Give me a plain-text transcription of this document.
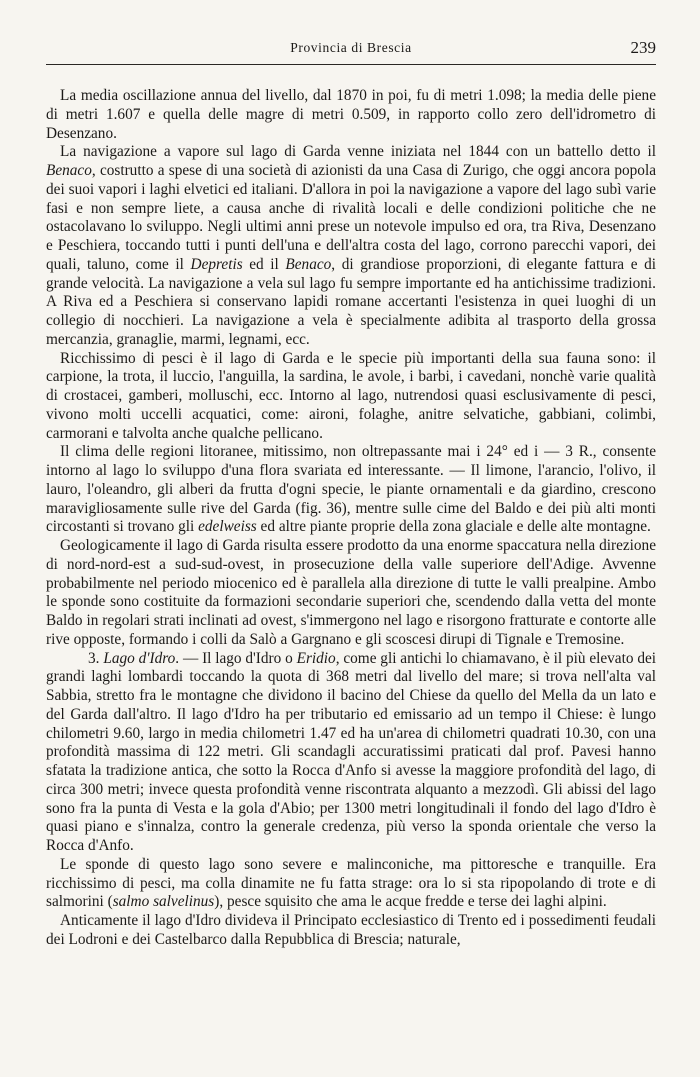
Provincia di Brescia	239

La media oscillazione annua del livello, dal 1870 in poi, fu di metri 1.098; la media delle piene di metri 1.607 e quella delle magre di metri 0.509, in rapporto collo zero dell'idrometro di Desenzano.

La navigazione a vapore sul lago di Garda venne iniziata nel 1844 con un battello detto il Benaco, costrutto a spese di una società di azionisti da una Casa di Zurigo, che oggi ancora popola dei suoi vapori i laghi elvetici ed italiani. D'allora in poi la navigazione a vapore del lago subì varie fasi e non sempre liete, a causa anche di rivalità locali e delle condizioni politiche che ne ostacolavano lo sviluppo. Negli ultimi anni prese un notevole impulso ed ora, tra Riva, Desenzano e Peschiera, toccando tutti i punti dell'una e dell'altra costa del lago, corrono parecchi vapori, dei quali, taluno, come il Depretis ed il Benaco, di grandiose proporzioni, di elegante fattura e di grande velocità. La navigazione a vela sul lago fu sempre importante ed ha antichissime tradizioni. A Riva ed a Peschiera si conservano lapidi romane accertanti l'esistenza in quei luoghi di un collegio di nocchieri. La navigazione a vela è specialmente adibita al trasporto della grossa mercanzia, granaglie, marmi, legnami, ecc.

Ricchissimo di pesci è il lago di Garda e le specie più importanti della sua fauna sono: il carpione, la trota, il luccio, l'anguilla, la sardina, le avole, i barbi, i cavedani, nonchè varie qualità di crostacei, gamberi, molluschi, ecc. Intorno al lago, nutrendosi quasi esclusivamente di pesci, vivono molti uccelli acquatici, come: aironi, folaghe, anitre selvatiche, gabbiani, colimbi, carmorani e talvolta anche qualche pellicano.

Il clima delle regioni litoranee, mitissimo, non oltrepassante mai i 24° ed i — 3 R., consente intorno al lago lo sviluppo d'una flora svariata ed interessante. — Il limone, l'arancio, l'olivo, il lauro, l'oleandro, gli alberi da frutta d'ogni specie, le piante ornamentali e da giardino, crescono maravigliosamente sulle rive del Garda (fig. 36), mentre sulle cime del Baldo e dei più alti monti circostanti si trovano gli edelweiss ed altre piante proprie della zona glaciale e delle alte montagne.

Geologicamente il lago di Garda risulta essere prodotto da una enorme spaccatura nella direzione di nord-nord-est a sud-sud-ovest, in prosecuzione della valle superiore dell'Adige. Avvenne probabilmente nel periodo miocenico ed è parallela alla direzione di tutte le valli prealpine. Ambo le sponde sono costituite da formazioni secondarie superiori che, scendendo dalla vetta del monte Baldo in regolari strati inclinati ad ovest, s'immergono nel lago e risorgono fratturate e contorte alle rive opposte, formando i colli da Salò a Gargnano e gli scoscesi dirupi di Tignale e Tremosine.

3. Lago d'Idro. — Il lago d'Idro o Eridio, come gli antichi lo chiamavano, è il più elevato dei grandi laghi lombardi toccando la quota di 368 metri dal livello del mare; si trova nell'alta val Sabbia, stretto fra le montagne che dividono il bacino del Chiese da quello del Mella da un lato e del Garda dall'altro. Il lago d'Idro ha per tributario ed emissario ad un tempo il Chiese: è lungo chilometri 9.60, largo in media chilometri 1.47 ed ha un'area di chilometri quadrati 10.30, con una profondità massima di 122 metri. Gli scandagli accuratissimi praticati dal prof. Pavesi hanno sfatata la tradizione antica, che sotto la Rocca d'Anfo si avesse la maggiore profondità del lago, di circa 300 metri; invece questa profondità venne riscontrata alquanto a mezzodì. Gli abissi del lago sono fra la punta di Vesta e la gola d'Abio; per 1300 metri longitudinali il fondo del lago d'Idro è quasi piano e s'innalza, contro la generale credenza, più verso la sponda orientale che verso la Rocca d'Anfo.

Le sponde di questo lago sono severe e malinconiche, ma pittoresche e tranquille. Era ricchissimo di pesci, ma colla dinamite ne fu fatta strage: ora lo si sta ripopolando di trote e di salmorini (salmo salvelinus), pesce squisito che ama le acque fredde e terse dei laghi alpini.

Anticamente il lago d'Idro divideva il Principato ecclesiastico di Trento ed i possedimenti feudali dei Lodroni e dei Castelbarco dalla Repubblica di Brescia; naturale,
